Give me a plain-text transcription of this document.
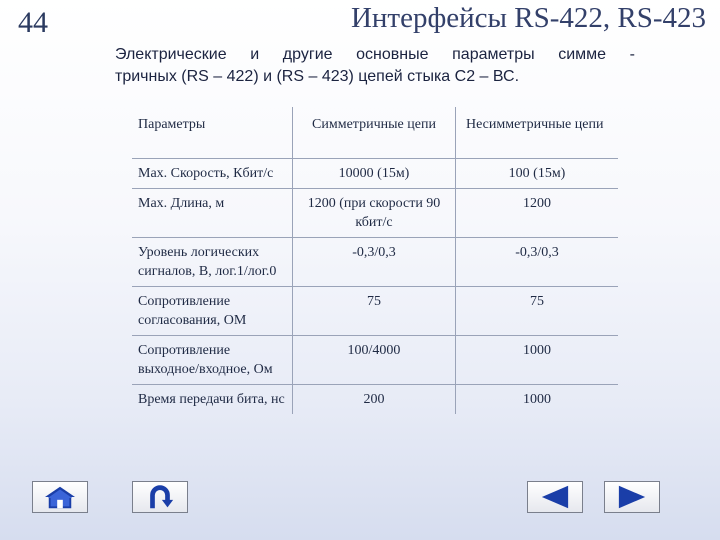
44	Интерфейсы RS-422, RS-423
Электрические и другие основные параметры симме -
тричных (RS – 422) и (RS – 423) цепей стыка С2 – ВС.
Параметры	Симметричные цепи	Несимметричные цепи
Max. Скорость, Кбит/с	10000 (15м)	100 (15м)
Max. Длина, м	1200 (при скорости 90 кбит/с	1200
Уровень логических сигналов, В, лог.1/лог.0	-0,3/0,3	-0,3/0,3
Сопротивление согласования, ОМ	75	75
Сопротивление выходное/входное, Ом	100/4000	1000
Время передачи бита, нс	200	1000
